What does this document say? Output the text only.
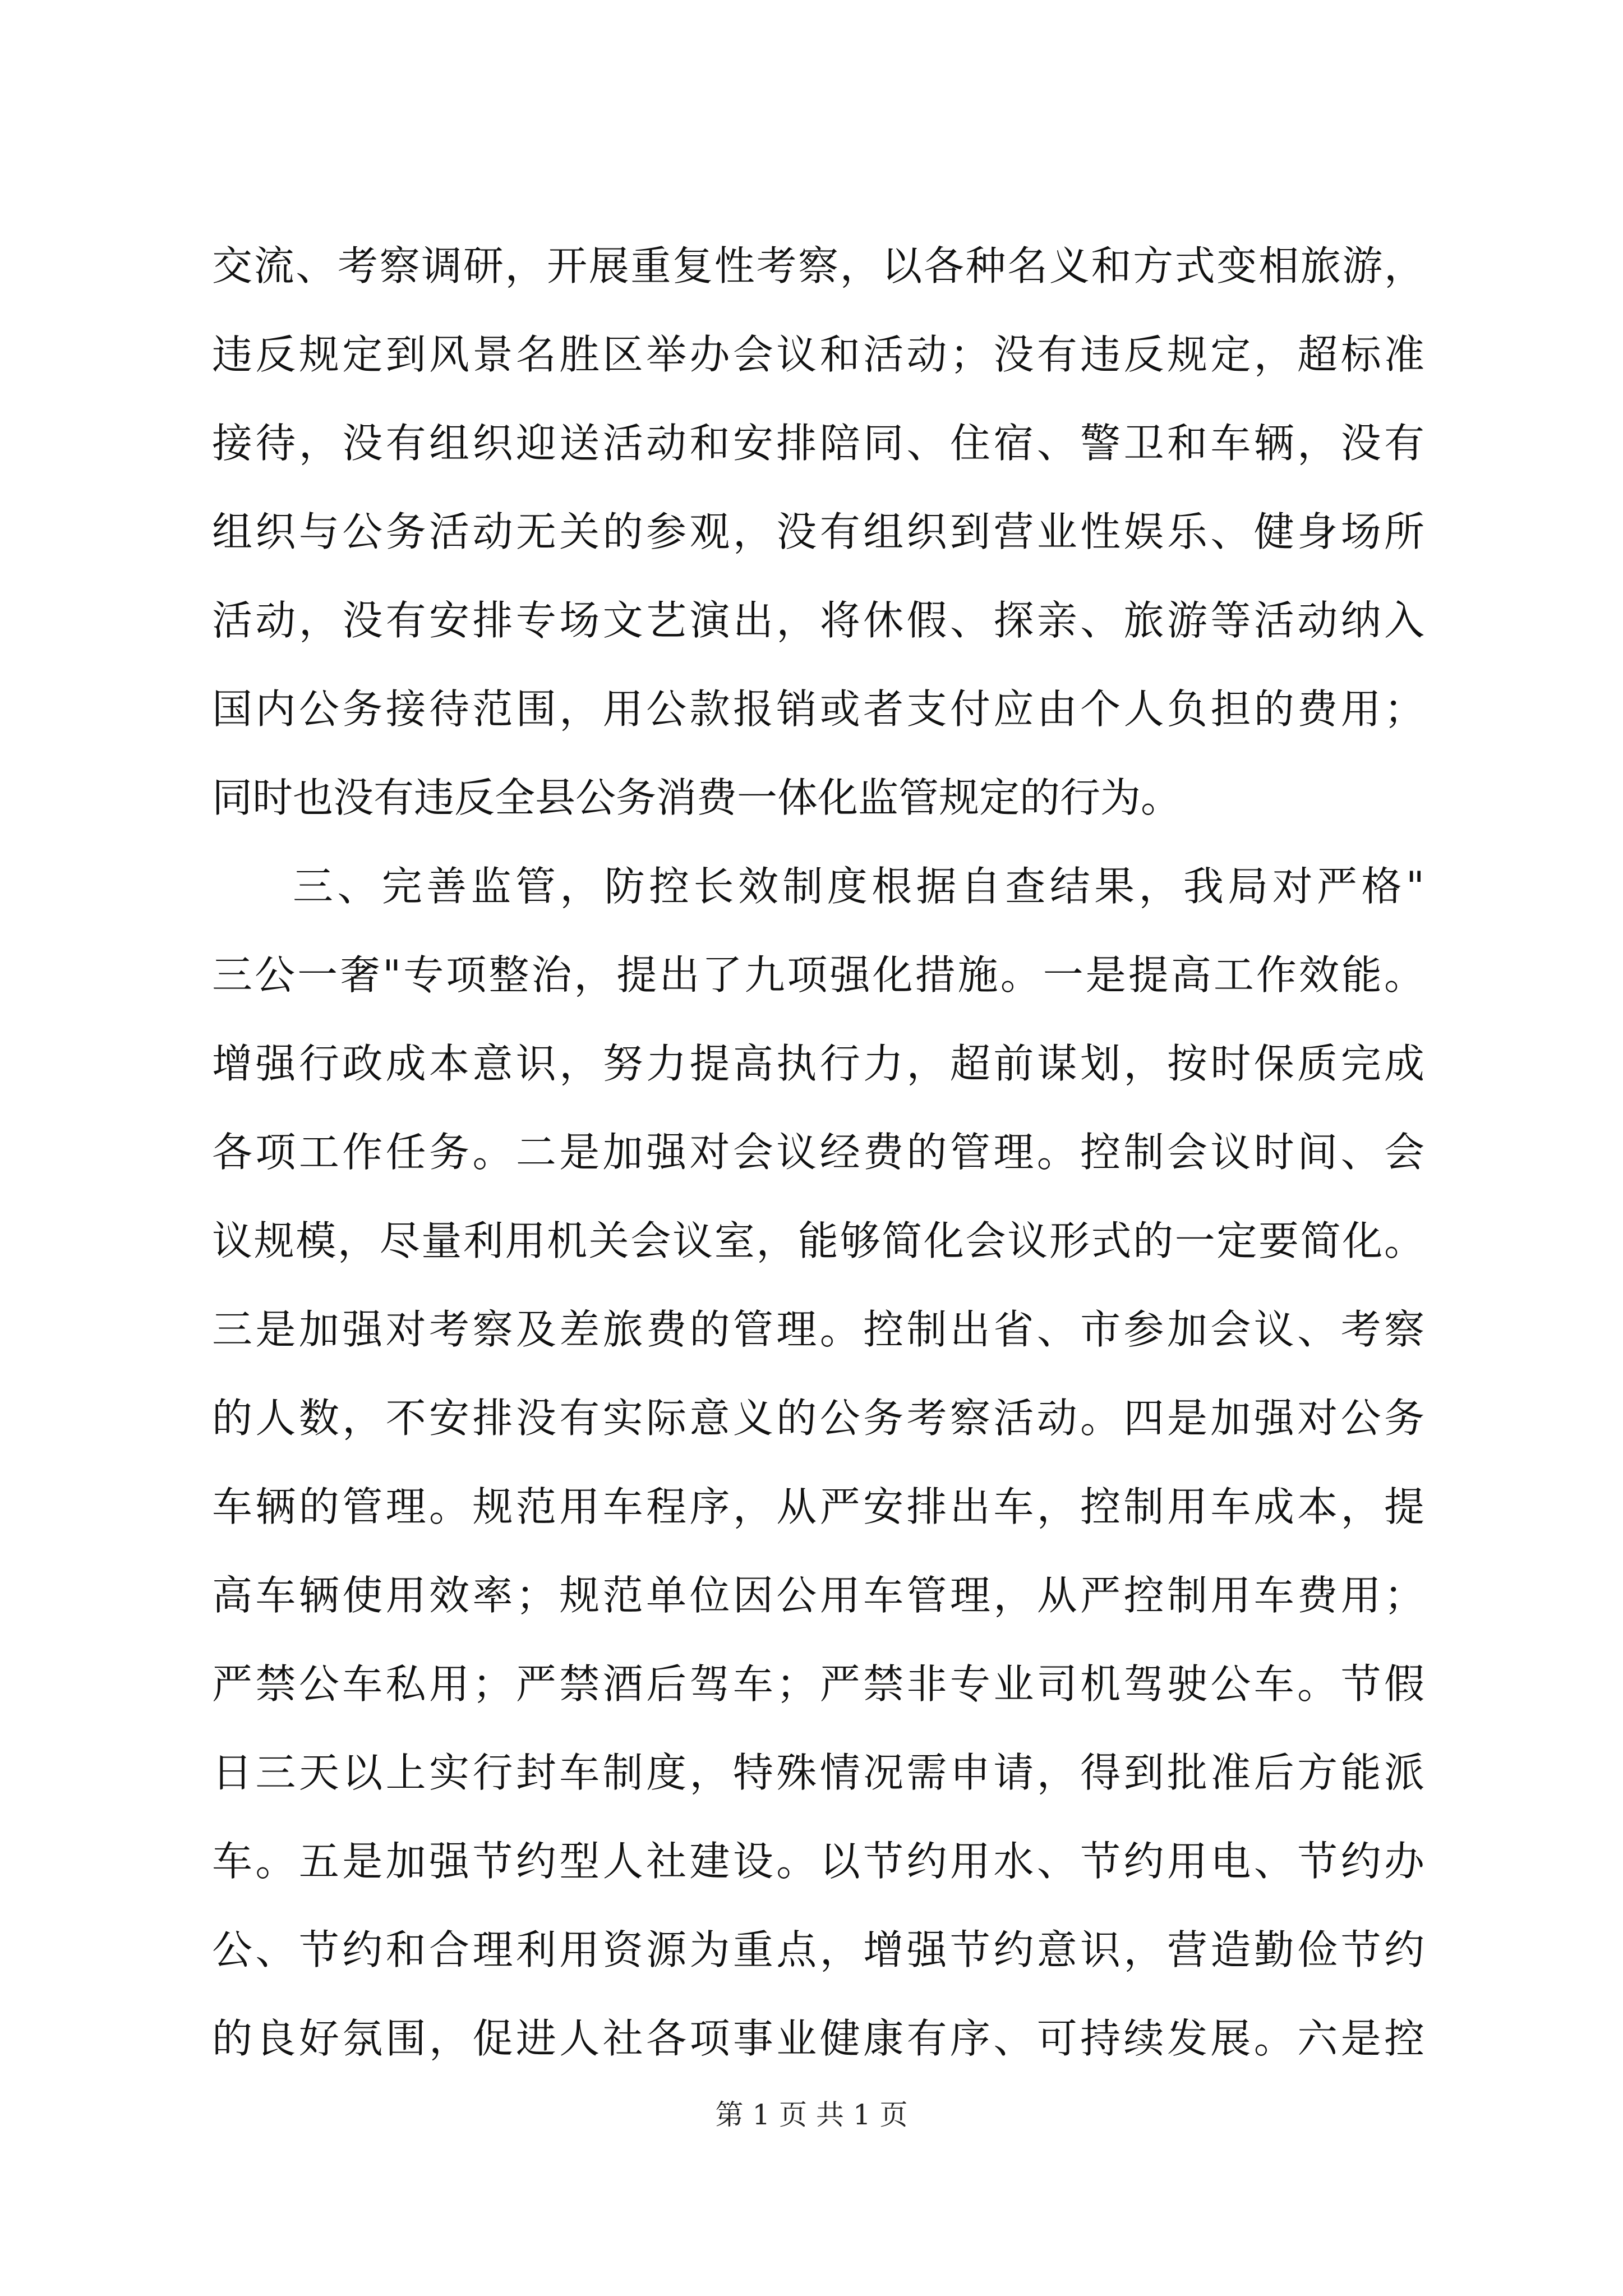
交流、考察调研，开展重复性考察，以各种名义和方式变相旅游，
违反规定到风景名胜区举办会议和活动；没有违反规定，超标准
接待，没有组织迎送活动和安排陪同、住宿、警卫和车辆，没有
组织与公务活动无关的参观，没有组织到营业性娱乐、健身场所
活动，没有安排专场文艺演出，将休假、探亲、旅游等活动纳入
国内公务接待范围，用公款报销或者支付应由个人负担的费用；
同时也没有违反全县公务消费一体化监管规定的行为。
三、完善监管，防控长效制度根据自查结果，我局对严格"
三公一奢"专项整治，提出了九项强化措施。一是提高工作效能。
增强行政成本意识，努力提高执行力，超前谋划，按时保质完成
各项工作任务。二是加强对会议经费的管理。控制会议时间、会
议规模，尽量利用机关会议室，能够简化会议形式的一定要简化。
三是加强对考察及差旅费的管理。控制出省、市参加会议、考察
的人数，不安排没有实际意义的公务考察活动。四是加强对公务
车辆的管理。规范用车程序，从严安排出车，控制用车成本，提
高车辆使用效率；规范单位因公用车管理，从严控制用车费用；
严禁公车私用；严禁酒后驾车；严禁非专业司机驾驶公车。节假
日三天以上实行封车制度，特殊情况需申请，得到批准后方能派
车。五是加强节约型人社建设。以节约用水、节约用电、节约办
公、节约和合理利用资源为重点，增强节约意识，营造勤俭节约
的良好氛围，促进人社各项事业健康有序、可持续发展。六是控
第 1 页 共 1 页
